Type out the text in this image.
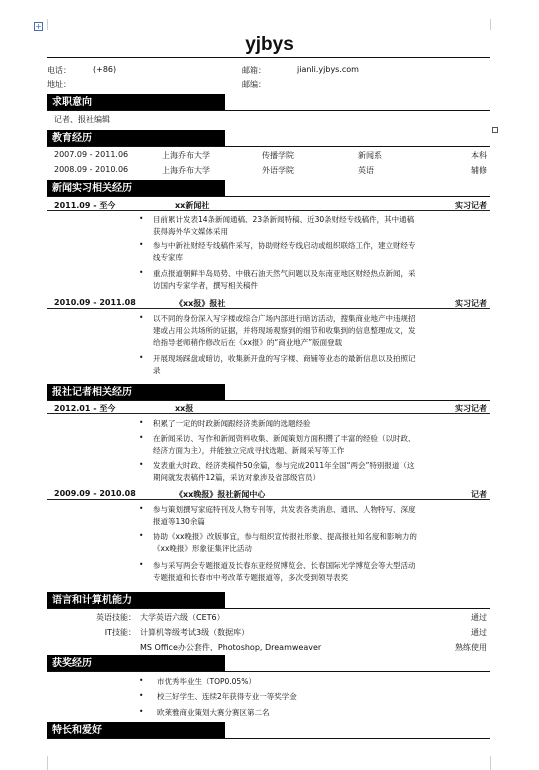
+
yjbys
电话：	(+86)	邮箱：	jianli.yjbys.com
地址：	邮编：
求职意向
记者、报社编辑
教育经历
2007.09 - 2011.06	上海乔布大学	传播学院	新闻系	本科
2008.09 - 2010.06	上海乔布大学	外语学院	英语	辅修
新闻实习相关经历
2011.09 - 至今	xx新闻社	实习记者
• 目前累计发表14条新闻通稿、23条新闻特稿、近30条财经专线稿件，其中通稿
获得海外华文媒体采用
• 参与中新社财经专线稿件采写，协助财经专线启动或组织联络工作，建立财经专
线专家库
• 重点报道朝鲜半岛局势、中俄石油天然气问题以及东南亚地区财经热点新闻，采
访国内专家学者，撰写相关稿件
2010.09 - 2011.08	《xx报》报社	实习记者
• 以不同的身份深入写字楼或综合广场内部进行暗访活动，搜集商业地产中违规招
建或占用公共场所的证据，并将现场观察到的细节和收集到的信息整理成文，发
给指导老师稍作修改后在《xx报》的“商业地产”版面登载
• 开展现场踩盘或暗访，收集新开盘的写字楼、商铺等业态的最新信息以及拍照记
录
报社记者相关经历
2012.01 - 至今	xx报	实习记者
• 积累了一定的时政新闻跟经济类新闻的选题经验
• 在新闻采访、写作和新闻资料收集、新闻策划方面积攒了丰富的经验（以时政、
经济方面为主），并能独立完成寻找选题、新闻采写等工作
• 发表重大时政、经济类稿件50余篇，参与完成2011年全国“两会”特别报道（这
期间就发表稿件12篇，采访对象涉及省部级官员）
2009.09 - 2010.08	《xx晚报》报社新闻中心	记者
• 参与策划撰写家庭特刊及人物专刊等，共发表各类消息、通讯、人物特写、深度
报道等130余篇
• 协助《xx晚报》改版事宜，参与组织宣传报社形象、提高报社知名度和影响力的
《xx晚报》形象征集评比活动
• 参与采写两会专题报道及长春东亚经贸博览会、长春国际光学博览会等大型活动
专题报道和长春市中考改革专题报道等，多次受到领导表奖
语言和计算机能力
英语技能： 大学英语六级（CET6）	通过
IT技能： 计算机等级考试3级（数据库）	通过
MS Office办公套件、Photoshop, Dreamweaver	熟练使用
获奖经历
• 市优秀毕业生（TOP0.05%）
• 校三好学生、连续2年获得专业一等奖学金
• 欧莱雅商业策划大赛分赛区第二名
特长和爱好
